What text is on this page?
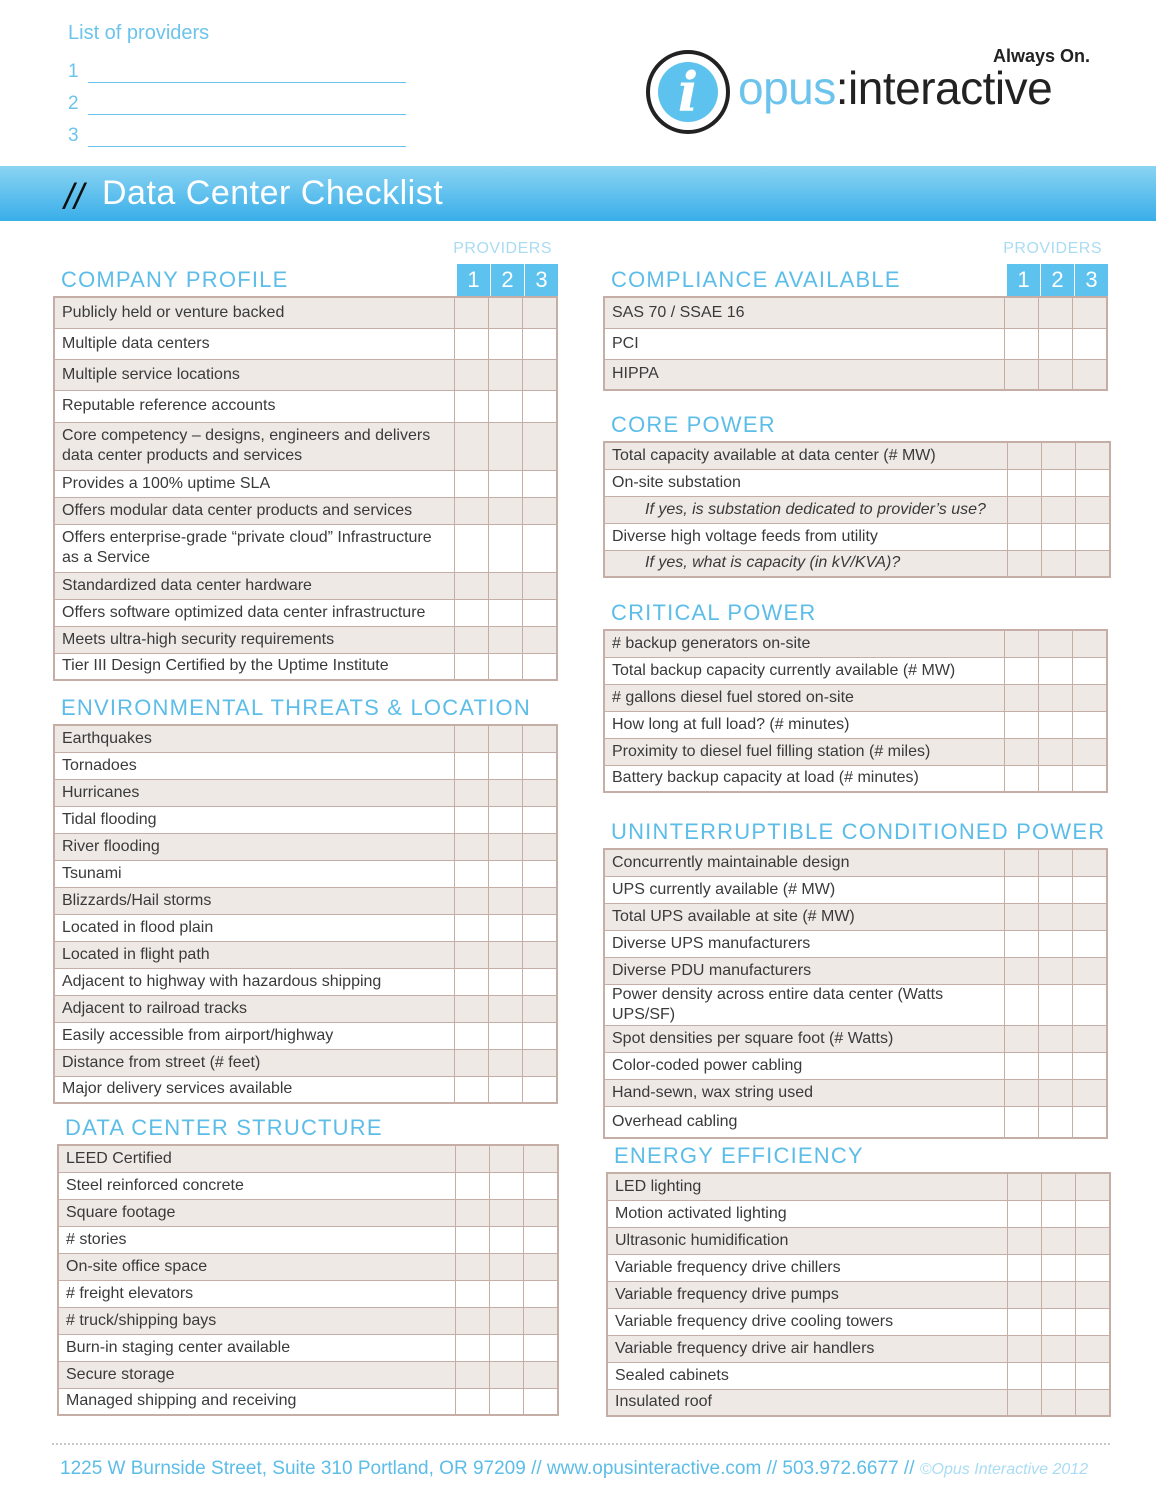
List of providers
1
2
3
Always On.
i opus:interactive
// Data Center Checklist
PROVIDERS
1 2 3
COMPANY PROFILE
Publicly held or venture backed			
Multiple data centers			
Multiple service locations			
Reputable reference accounts			
Core competency – designs, engineers and delivers data center products and services			
Provides a 100% uptime SLA			
Offers modular data center products and services			
Offers enterprise-grade “private cloud” Infrastructure as a Service			
Standardized data center hardware			
Offers software optimized data center infrastructure			
Meets ultra-high security requirements			
Tier III Design Certified by the Uptime Institute			
ENVIRONMENTAL THREATS & LOCATION
Earthquakes			
Tornadoes			
Hurricanes			
Tidal flooding			
River flooding			
Tsunami			
Blizzards/Hail storms			
Located in flood plain			
Located in flight path			
Adjacent to highway with hazardous shipping			
Adjacent to railroad tracks			
Easily accessible from airport/highway			
Distance from street (# feet)			
Major delivery services available			
DATA CENTER STRUCTURE
LEED Certified			
Steel reinforced concrete			
Square footage			
# stories			
On-site office space			
# freight elevators			
# truck/shipping bays			
Burn-in staging center available			
Secure storage			
Managed shipping and receiving			
PROVIDERS
1 2 3
COMPLIANCE AVAILABLE
SAS 70 / SSAE 16			
PCI			
HIPPA			
CORE POWER
Total capacity available at data center (# MW)			
On-site substation			
If yes, is substation dedicated to provider’s use?			
Diverse high voltage feeds from utility			
If yes, what is capacity (in kV/KVA)?			
CRITICAL POWER
# backup generators on-site			
Total backup capacity currently available (# MW)			
# gallons diesel fuel stored on-site			
How long at full load? (# minutes)			
Proximity to diesel fuel filling station (# miles)			
Battery backup capacity at load (# minutes)			
UNINTERRUPTIBLE CONDITIONED POWER
Concurrently maintainable design			
UPS currently available (# MW)			
Total UPS available at site (# MW)			
Diverse UPS manufacturers			
Diverse PDU manufacturers			
Power density across entire data center (Watts UPS/SF)			
Spot densities per square foot (# Watts)			
Color-coded power cabling			
Hand-sewn, wax string used			
Overhead cabling			
ENERGY EFFICIENCY
LED lighting			
Motion activated lighting			
Ultrasonic humidification			
Variable frequency drive chillers			
Variable frequency drive pumps			
Variable frequency drive cooling towers			
Variable frequency drive air handlers			
Sealed cabinets			
Insulated roof			
1225 W Burnside Street, Suite 310 Portland, OR 97209 // www.opusinteractive.com // 503.972.6677 // ©Opus Interactive 2012
